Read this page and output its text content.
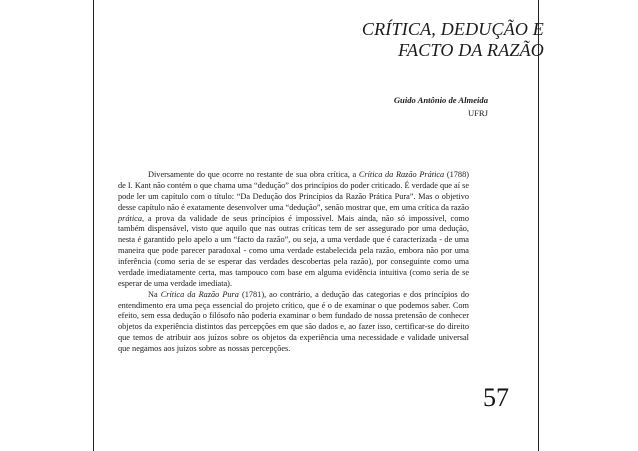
CRÍTICA, DEDUÇÃO E
FACTO DA RAZÃO
Guido Antônio de Almeida
UFRJ

Diversamente do que ocorre no restante de sua obra crítica, a Crítica da Razão Prática (1788) de I. Kant não contém o que chama uma “dedução” dos princípios do poder criticado. É verdade que aí se pode ler um capítulo com o título: “Da Dedução dos Princípios da Razão Prática Pura”. Mas o objetivo desse capítulo não é exatamente desenvolver uma “dedução”, senão mostrar que, em uma crítica da razão prática, a prova da validade de seus princípios é impossível. Mais ainda, não só impossível, como também dispensável, visto que aquilo que nas outras críticas tem de ser assegurado por uma dedução, nesta é garantido pelo apelo a um “facto da razão”, ou seja, a uma verdade que é caracterizada - de uma maneira que pode parecer paradoxal - como uma verdade estabelecida pela razão, embora não por uma inferência (como seria de se esperar das verdades descobertas pela razão), por conseguinte como uma verdade imediatamente certa, mas tampouco com base em alguma evidência intuitiva (como seria de se esperar de uma verdade imediata).

Na Crítica da Razão Pura (1781), ao contrário, a dedução das categorias e dos princípios do entendimento era uma peça essencial do projeto crítico, que é o de examinar o que podemos saber. Com efeito, sem essa dedução o filósofo não poderia examinar o bem fundado de nossa pretensão de conhecer objetos da experiência distintos das percepções em que são dados e, ao fazer isso, certificar-se do direito que temos de atribuir aos juízos sobre os objetos da experiência uma necessidade e validade universal que negamos aos juízos sobre as nossas percepções.

57
